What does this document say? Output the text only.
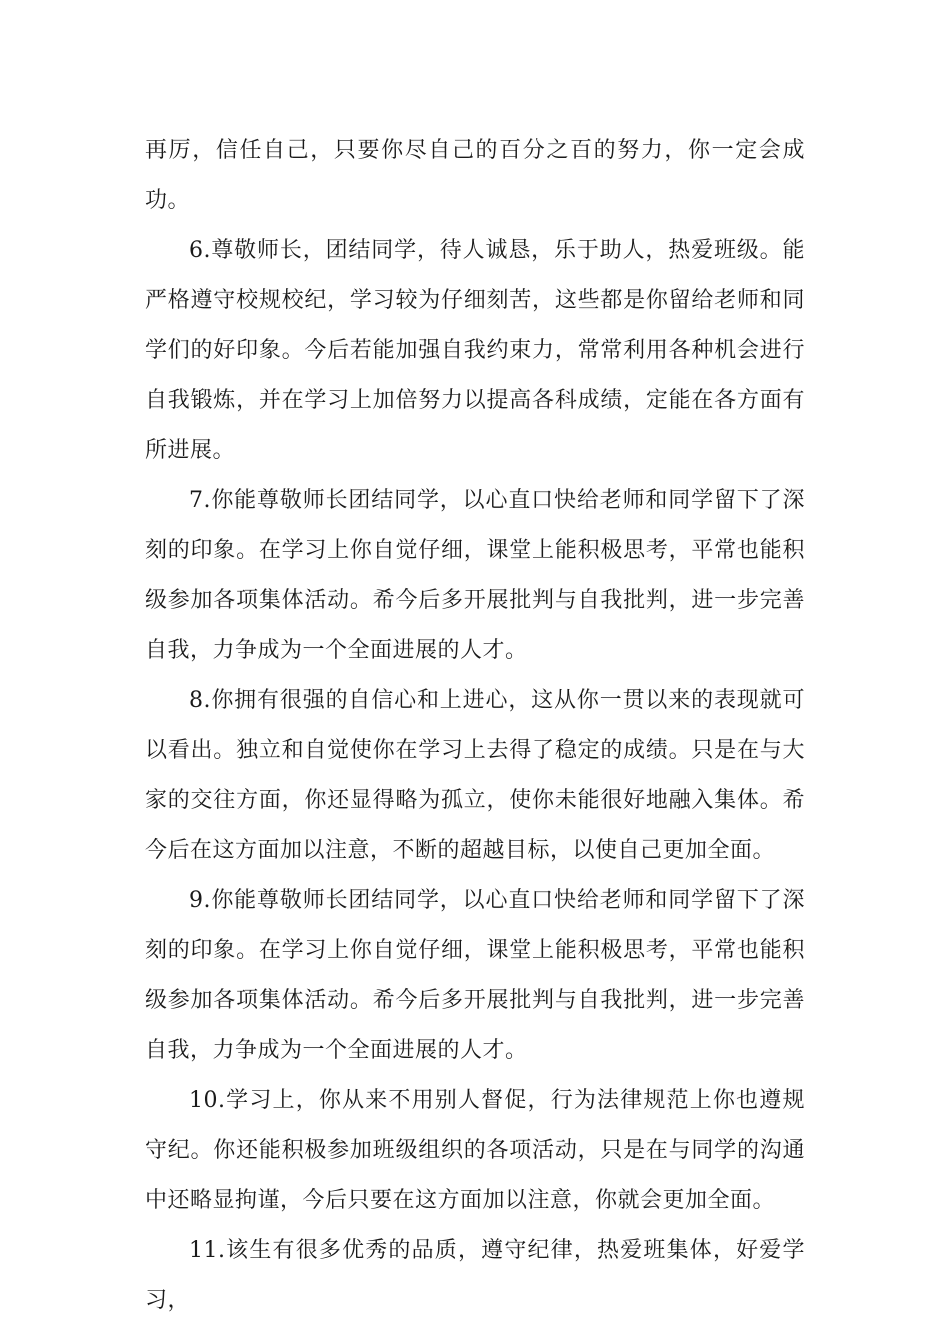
再厉，信任自己，只要你尽自己的百分之百的努力，你一定会成功。

6.尊敬师长，团结同学，待人诚恳，乐于助人，热爱班级。能严格遵守校规校纪，学习较为仔细刻苦，这些都是你留给老师和同学们的好印象。今后若能加强自我约束力，常常利用各种机会进行自我锻炼，并在学习上加倍努力以提高各科成绩，定能在各方面有所进展。

7.你能尊敬师长团结同学，以心直口快给老师和同学留下了深刻的印象。在学习上你自觉仔细，课堂上能积极思考，平常也能积级参加各项集体活动。希今后多开展批判与自我批判，进一步完善自我，力争成为一个全面进展的人才。

8.你拥有很强的自信心和上进心，这从你一贯以来的表现就可以看出。独立和自觉使你在学习上去得了稳定的成绩。只是在与大家的交往方面，你还显得略为孤立，使你未能很好地融入集体。希今后在这方面加以注意，不断的超越目标，以使自己更加全面。

9.你能尊敬师长团结同学，以心直口快给老师和同学留下了深刻的印象。在学习上你自觉仔细，课堂上能积极思考，平常也能积级参加各项集体活动。希今后多开展批判与自我批判，进一步完善自我，力争成为一个全面进展的人才。

10.学习上，你从来不用别人督促，行为法律规范上你也遵规守纪。你还能积极参加班级组织的各项活动，只是在与同学的沟通中还略显拘谨，今后只要在这方面加以注意，你就会更加全面。

11.该生有很多优秀的品质，遵守纪律，热爱班集体，好爱学习，
